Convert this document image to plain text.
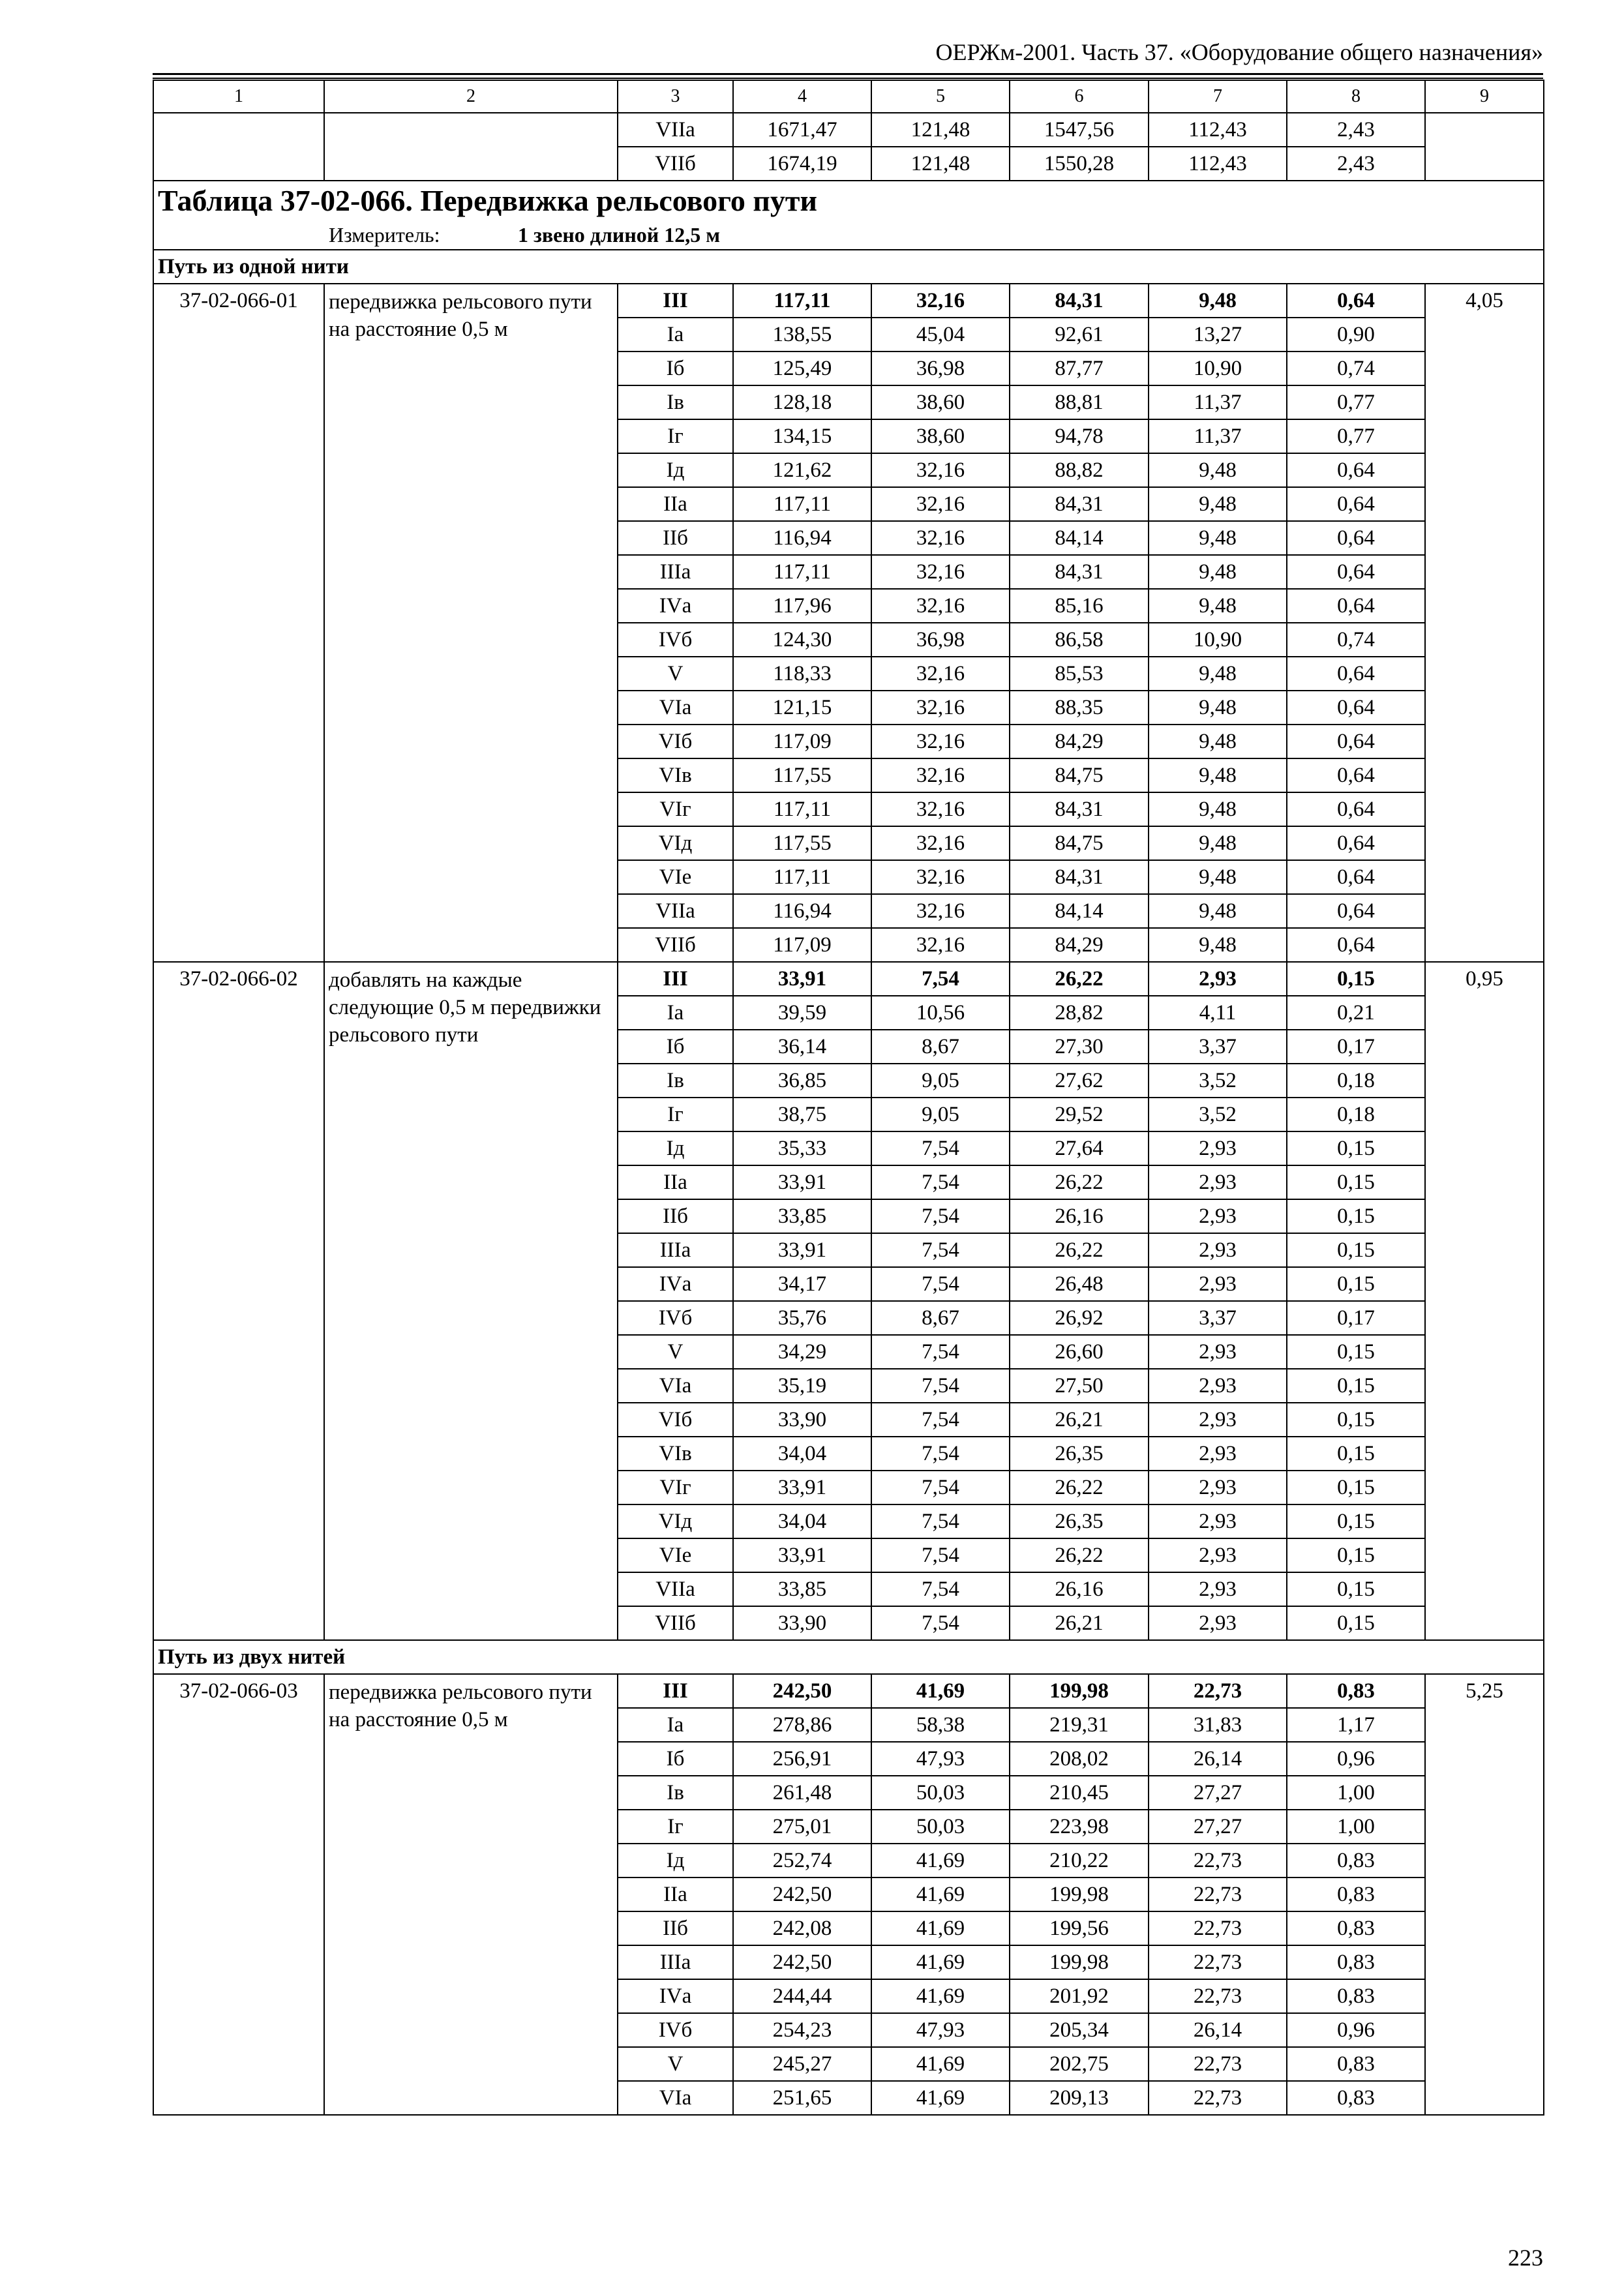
ОЕРЖм-2001. Часть 37. «Оборудование общего назначения»
1	2	3	4	5	6	7	8	9
		VIIа	1671,47	121,48	1547,56	112,43	2,43	
		VIIб	1674,19	121,48	1550,28	112,43	2,43	
Таблица 37-02-066. Передвижка рельсового пути								
Измеритель: 1 звено длиной 12,5 м								
Путь из одной нити								
37-02-066-01	передвижка рельсового пути на расстояние 0,5 м	III	117,11	32,16	84,31	9,48	0,64	4,05
		Iа	138,55	45,04	92,61	13,27	0,90	
		Iб	125,49	36,98	87,77	10,90	0,74	
		Iв	128,18	38,60	88,81	11,37	0,77	
		Iг	134,15	38,60	94,78	11,37	0,77	
		Iд	121,62	32,16	88,82	9,48	0,64	
		IIа	117,11	32,16	84,31	9,48	0,64	
		IIб	116,94	32,16	84,14	9,48	0,64	
		IIIа	117,11	32,16	84,31	9,48	0,64	
		IVа	117,96	32,16	85,16	9,48	0,64	
		IVб	124,30	36,98	86,58	10,90	0,74	
		V	118,33	32,16	85,53	9,48	0,64	
		VIа	121,15	32,16	88,35	9,48	0,64	
		VIб	117,09	32,16	84,29	9,48	0,64	
		VIв	117,55	32,16	84,75	9,48	0,64	
		VIг	117,11	32,16	84,31	9,48	0,64	
		VIд	117,55	32,16	84,75	9,48	0,64	
		VIе	117,11	32,16	84,31	9,48	0,64	
		VIIа	116,94	32,16	84,14	9,48	0,64	
		VIIб	117,09	32,16	84,29	9,48	0,64	
37-02-066-02	добавлять на каждые следующие 0,5 м передвижки рельсового пути	III	33,91	7,54	26,22	2,93	0,15	0,95
		Iа	39,59	10,56	28,82	4,11	0,21	
		Iб	36,14	8,67	27,30	3,37	0,17	
		Iв	36,85	9,05	27,62	3,52	0,18	
		Iг	38,75	9,05	29,52	3,52	0,18	
		Iд	35,33	7,54	27,64	2,93	0,15	
		IIа	33,91	7,54	26,22	2,93	0,15	
		IIб	33,85	7,54	26,16	2,93	0,15	
		IIIа	33,91	7,54	26,22	2,93	0,15	
		IVа	34,17	7,54	26,48	2,93	0,15	
		IVб	35,76	8,67	26,92	3,37	0,17	
		V	34,29	7,54	26,60	2,93	0,15	
		VIа	35,19	7,54	27,50	2,93	0,15	
		VIб	33,90	7,54	26,21	2,93	0,15	
		VIв	34,04	7,54	26,35	2,93	0,15	
		VIг	33,91	7,54	26,22	2,93	0,15	
		VIд	34,04	7,54	26,35	2,93	0,15	
		VIе	33,91	7,54	26,22	2,93	0,15	
		VIIа	33,85	7,54	26,16	2,93	0,15	
		VIIб	33,90	7,54	26,21	2,93	0,15	
Путь из двух нитей								
37-02-066-03	передвижка рельсового пути на расстояние 0,5 м	III	242,50	41,69	199,98	22,73	0,83	5,25
		Iа	278,86	58,38	219,31	31,83	1,17	
		Iб	256,91	47,93	208,02	26,14	0,96	
		Iв	261,48	50,03	210,45	27,27	1,00	
		Iг	275,01	50,03	223,98	27,27	1,00	
		Iд	252,74	41,69	210,22	22,73	0,83	
		IIа	242,50	41,69	199,98	22,73	0,83	
		IIб	242,08	41,69	199,56	22,73	0,83	
		IIIа	242,50	41,69	199,98	22,73	0,83	
		IVа	244,44	41,69	201,92	22,73	0,83	
		IVб	254,23	47,93	205,34	26,14	0,96	
		V	245,27	41,69	202,75	22,73	0,83	
		VIа	251,65	41,69	209,13	22,73	0,83	
223
